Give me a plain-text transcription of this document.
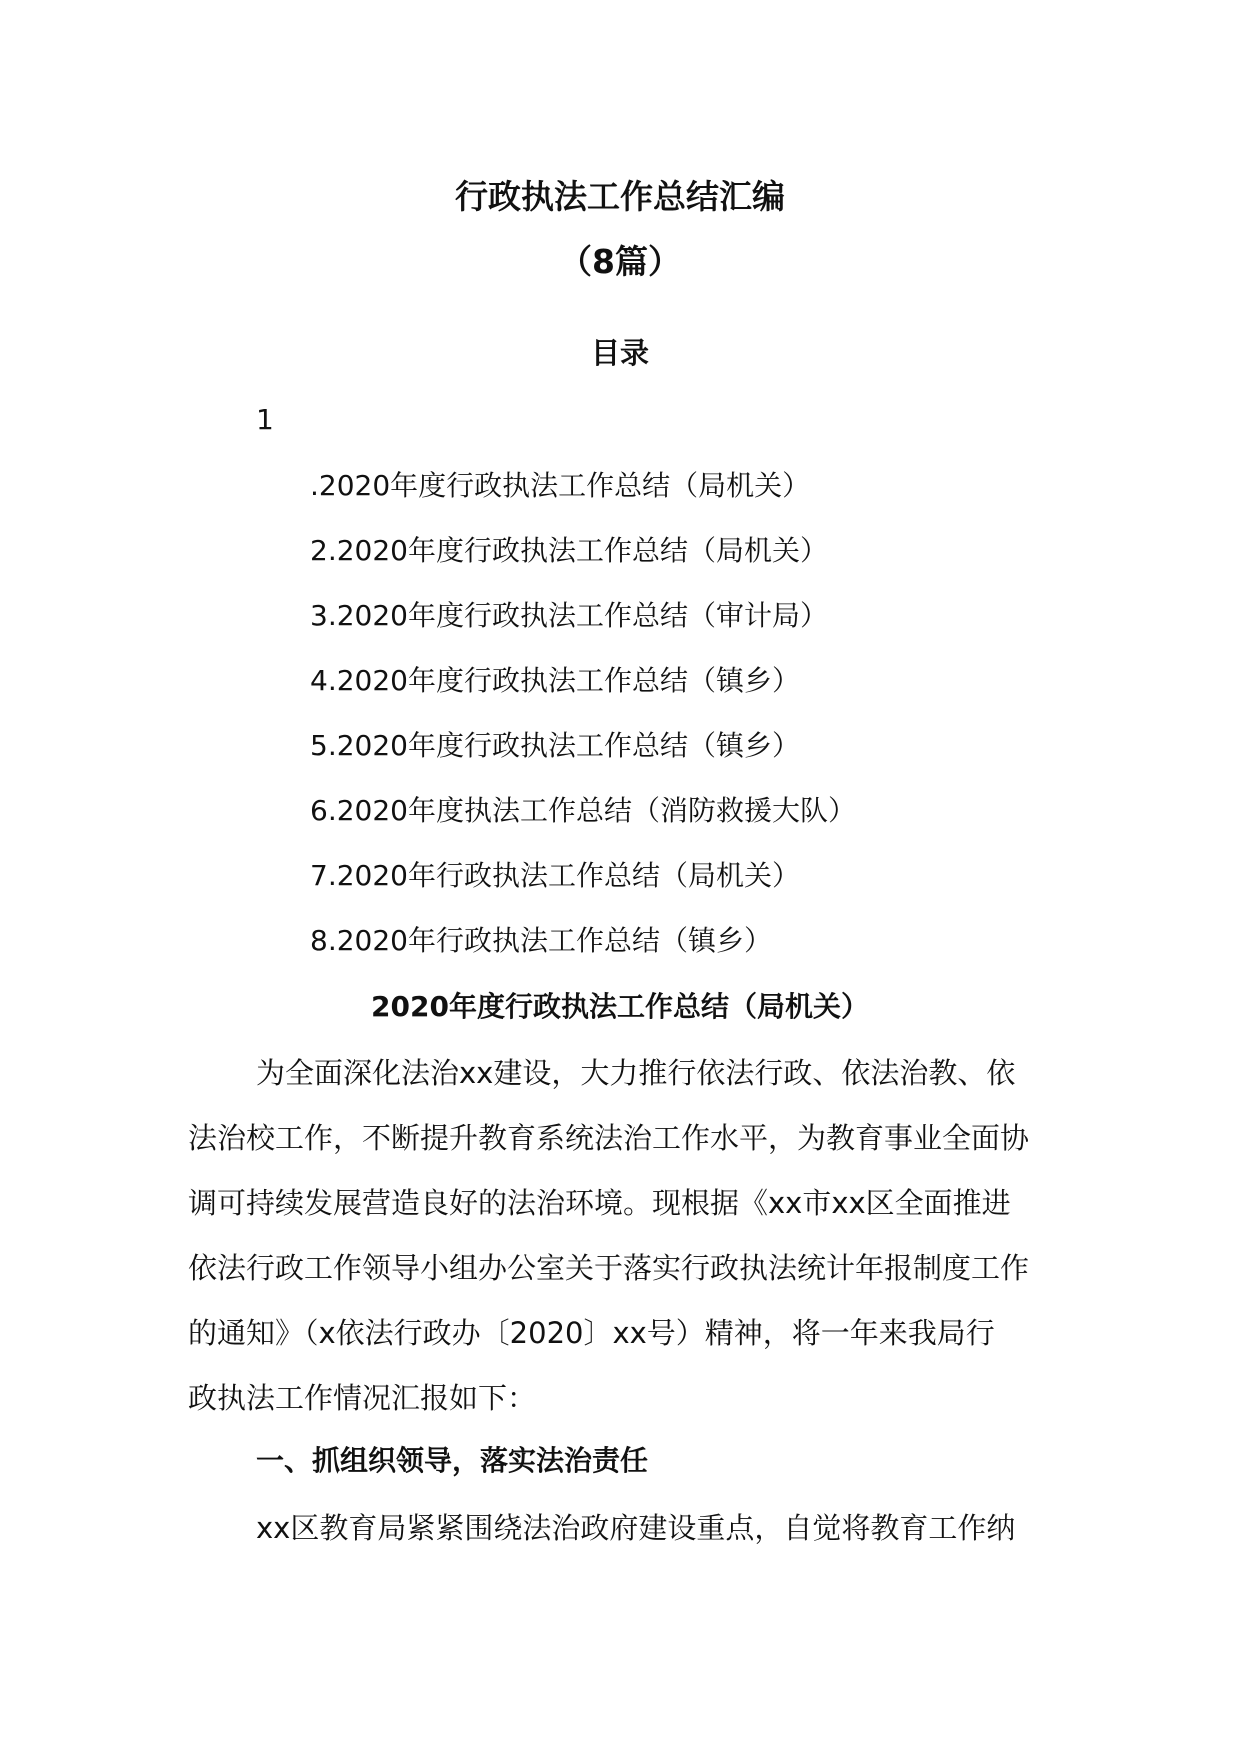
行政执法工作总结汇编
（8篇）
目录
1
.2020年度行政执法工作总结（局机关）
2.2020年度行政执法工作总结（局机关）
3.2020年度行政执法工作总结（审计局）
4.2020年度行政执法工作总结（镇乡）
5.2020年度行政执法工作总结（镇乡）
6.2020年度执法工作总结（消防救援大队）
7.2020年行政执法工作总结（局机关）
8.2020年行政执法工作总结（镇乡）
2020年度行政执法工作总结（局机关）
为全面深化法治xx建设，大力推行依法行政、依法治教、依
法治校工作，不断提升教育系统法治工作水平，为教育事业全面协
调可持续发展营造良好的法治环境。现根据《xx市xx区全面推进
依法行政工作领导小组办公室关于落实行政执法统计年报制度工作
的通知》（x依法行政办〔2020〕xx号）精神，将一年来我局行
政执法工作情况汇报如下：
一、抓组织领导，落实法治责任
xx区教育局紧紧围绕法治政府建设重点，自觉将教育工作纳
